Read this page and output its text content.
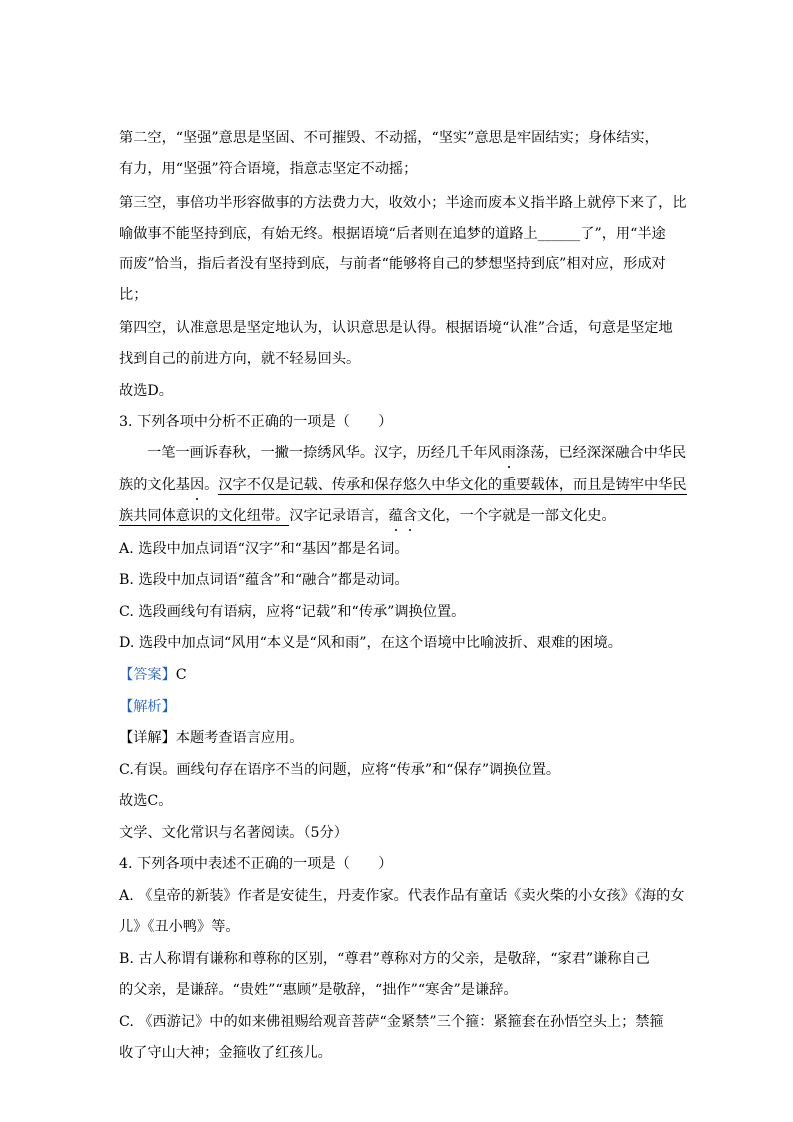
第二空，“坚强”意思是坚固、不可摧毁、不动摇，“坚实”意思是牢固结实；身体结实，
有力，用“坚强”符合语境，指意志坚定不动摇；
第三空，事倍功半形容做事的方法费力大，收效小；半途而废本义指半路上就停下来了，比
喻做事不能坚持到底，有始无终。根据语境“后者则在追梦的道路上______了”，用“半途
而废”恰当，指后者没有坚持到底，与前者“能够将自己的梦想坚持到底”相对应，形成对
比；
第四空，认准意思是坚定地认为，认识意思是认得。根据语境“认准”合适，句意是坚定地
找到自己的前进方向，就不轻易回头。
故选D。
3. 下列各项中分析不正确的一项是（　　）
一笔一画诉春秋，一撇一捺绣风华。汉字，历经几千年风雨涤荡，已经深深融合中华民
族的文化基因。汉字不仅是记载、传承和保存悠久中华文化的重要载体，而且是铸牢中华民
族共同体意识的文化纽带。汉字记录语言，蕴含文化，一个字就是一部文化史。
A. 选段中加点词语“汉字”和“基因”都是名词。
B. 选段中加点词语“蕴含”和“融合”都是动词。
C. 选段画线句有语病，应将“记载”和“传承”调换位置。
D. 选段中加点词“风用“本义是“风和雨”，在这个语境中比喻波折、艰难的困境。
【答案】C
【解析】
【详解】本题考查语言应用。
C.有误。画线句存在语序不当的问题，应将“传承”和“保存”调换位置。
故选C。
文学、文化常识与名著阅读。（5分）
4. 下列各项中表述不正确的一项是（　　）
A. 《皇帝的新装》作者是安徒生，丹麦作家。代表作品有童话《卖火柴的小女孩》《海的女
儿》《丑小鸭》等。
B. 古人称谓有谦称和尊称的区别，“尊君”尊称对方的父亲，是敬辞，“家君”谦称自己
的父亲，是谦辞。“贵姓”“惠顾”是敬辞，“拙作”“寒舍”是谦辞。
C. 《西游记》中的如来佛祖赐给观音菩萨“金紧禁”三个箍：紧箍套在孙悟空头上；禁箍
收了守山大神；金箍收了红孩儿。
